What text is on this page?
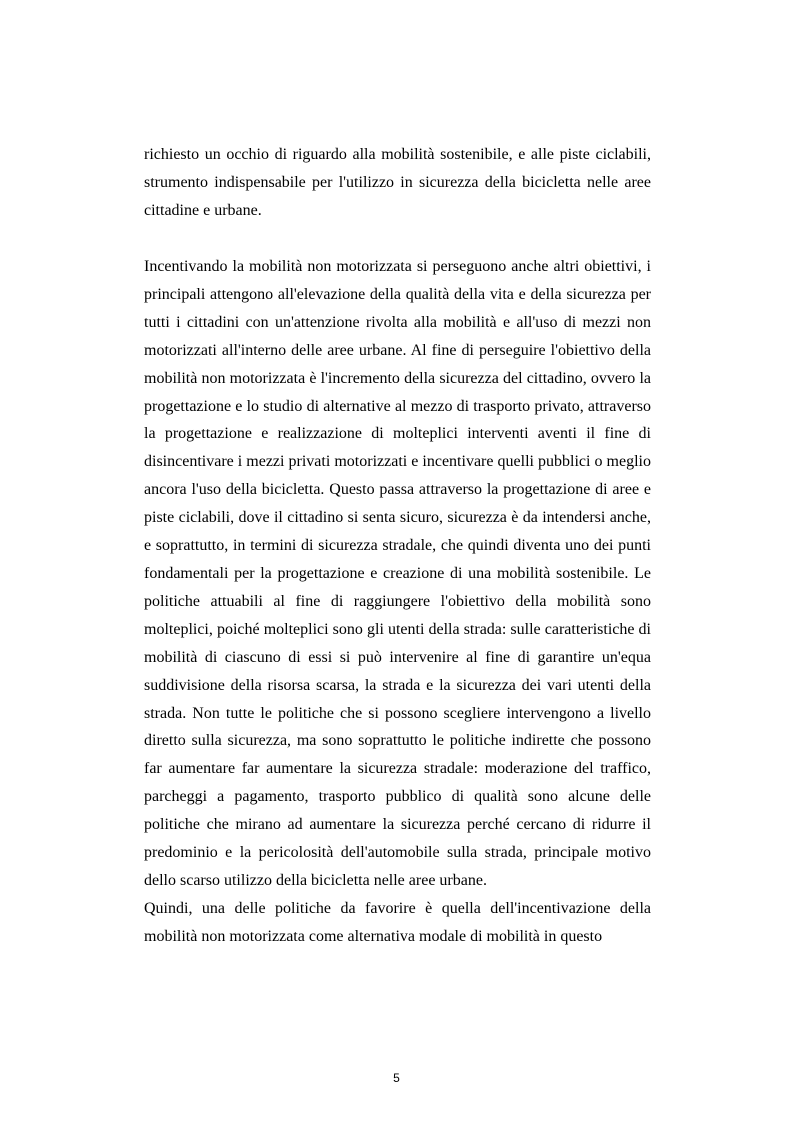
richiesto un occhio di riguardo alla mobilità sostenibile, e alle piste ciclabili, strumento indispensabile per l'utilizzo in sicurezza della bicicletta nelle aree cittadine e urbane.

Incentivando la mobilità non motorizzata si perseguono anche altri obiettivi, i principali attengono all'elevazione della qualità della vita e della sicurezza per tutti i cittadini con un'attenzione rivolta alla mobilità e all'uso di mezzi non motorizzati all'interno delle aree urbane. Al fine di perseguire l'obiettivo della mobilità non motorizzata è l'incremento della sicurezza del cittadino, ovvero la progettazione e lo studio di alternative al mezzo di trasporto privato, attraverso la progettazione e realizzazione di molteplici interventi aventi il fine di disincentivare i mezzi privati motorizzati e incentivare quelli pubblici o meglio ancora l'uso della bicicletta. Questo passa attraverso la progettazione di aree e piste ciclabili, dove il cittadino si senta sicuro, sicurezza è da intendersi anche, e soprattutto, in termini di sicurezza stradale, che quindi diventa uno dei punti fondamentali per la progettazione e creazione di una mobilità sostenibile. Le politiche attuabili al fine di raggiungere l'obiettivo della mobilità sono molteplici, poiché molteplici sono gli utenti della strada: sulle caratteristiche di mobilità di ciascuno di essi si può intervenire al fine di garantire un'equa suddivisione della risorsa scarsa, la strada e la sicurezza dei vari utenti della strada. Non tutte le politiche che si possono scegliere intervengono a livello diretto sulla sicurezza, ma sono soprattutto le politiche indirette che possono far aumentare far aumentare la sicurezza stradale: moderazione del traffico, parcheggi a pagamento, trasporto pubblico di qualità sono alcune delle politiche che mirano ad aumentare la sicurezza perché cercano di ridurre il predominio e la pericolosità dell'automobile sulla strada, principale motivo dello scarso utilizzo della bicicletta nelle aree urbane.

Quindi, una delle politiche da favorire è quella dell'incentivazione della mobilità non motorizzata come alternativa modale di mobilità in questo

5
